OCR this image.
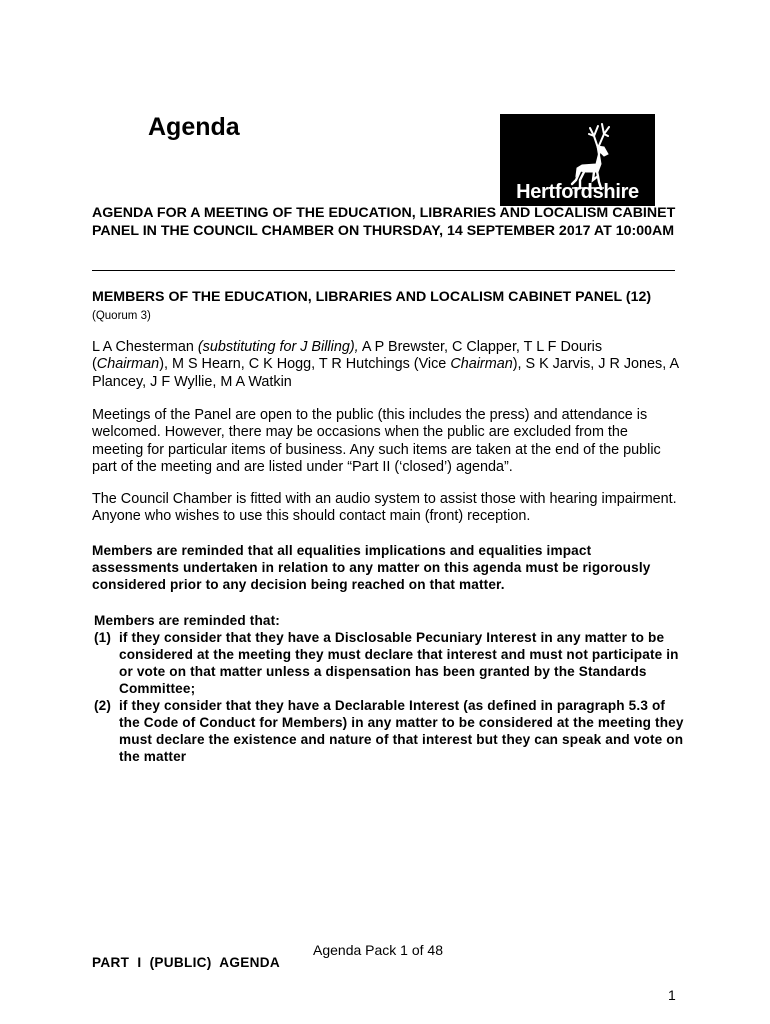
Agenda
Hertfordshire

AGENDA FOR A MEETING OF THE EDUCATION, LIBRARIES AND LOCALISM CABINET PANEL IN THE COUNCIL CHAMBER ON THURSDAY, 14 SEPTEMBER 2017 AT 10:00AM

MEMBERS OF THE EDUCATION, LIBRARIES AND LOCALISM CABINET PANEL (12) (Quorum 3)

L A Chesterman (substituting for J Billing), A P Brewster, C Clapper, T L F Douris (Chairman), M S Hearn, C K Hogg, T R Hutchings (Vice Chairman), S K Jarvis, J R Jones, A Plancey, J F Wyllie, M A Watkin

Meetings of the Panel are open to the public (this includes the press) and attendance is welcomed. However, there may be occasions when the public are excluded from the meeting for particular items of business. Any such items are taken at the end of the public part of the meeting and are listed under “Part II (‘closed’) agenda”.

The Council Chamber is fitted with an audio system to assist those with hearing impairment. Anyone who wishes to use this should contact main (front) reception.

Members are reminded that all equalities implications and equalities impact assessments undertaken in relation to any matter on this agenda must be rigorously considered prior to any decision being reached on that matter.

Members are reminded that:
(1) if they consider that they have a Disclosable Pecuniary Interest in any matter to be considered at the meeting they must declare that interest and must not participate in or vote on that matter unless a dispensation has been granted by the Standards Committee;
(2) if they consider that they have a Declarable Interest (as defined in paragraph 5.3 of the Code of Conduct for Members) in any matter to be considered at the meeting they must declare the existence and nature of that interest but they can speak and vote on the matter
PART  I  (PUBLIC)  AGENDA
Agenda Pack 1 of 48
1
